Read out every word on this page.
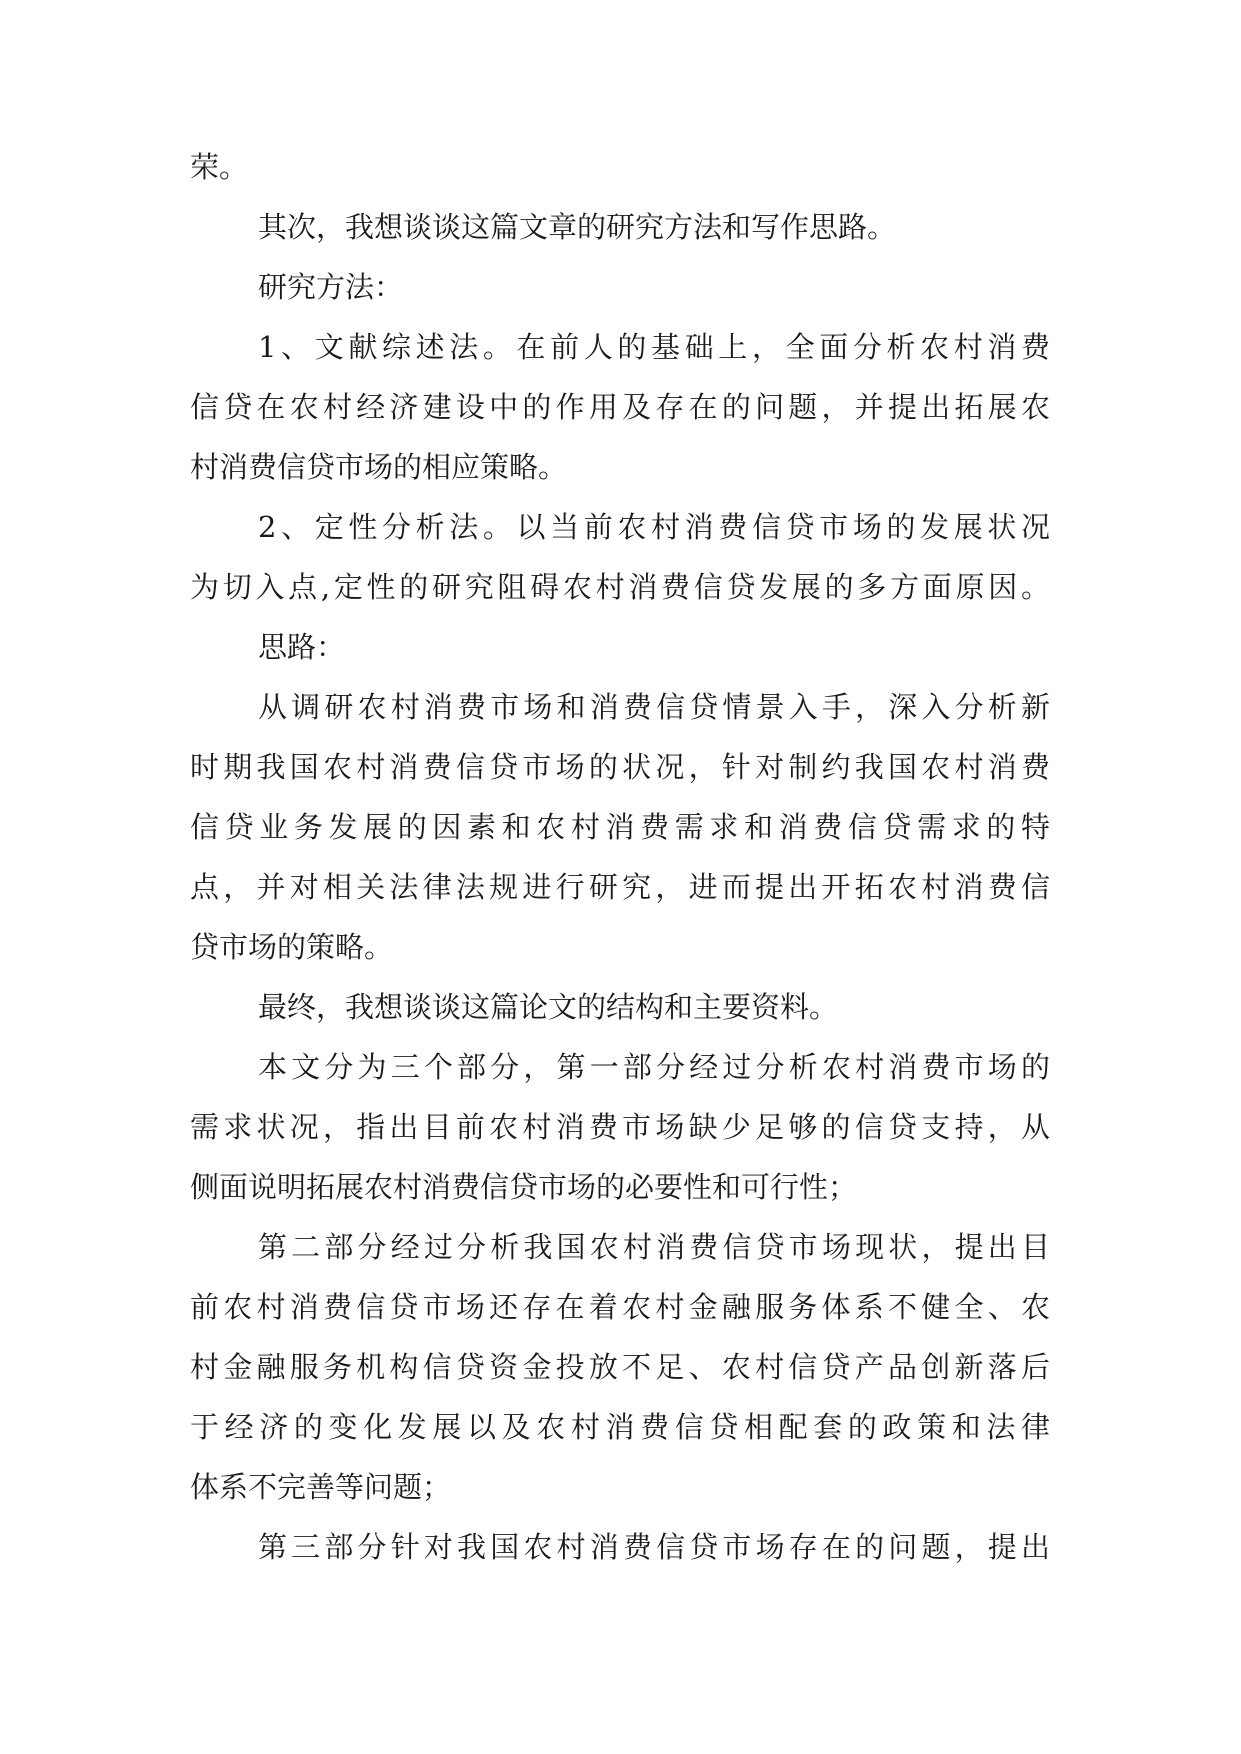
荣。
其次，我想谈谈这篇文章的研究方法和写作思路。
研究方法：
1、文献综述法。在前人的基础上，全面分析农村消费
信贷在农村经济建设中的作用及存在的问题，并提出拓展农
村消费信贷市场的相应策略。
2、定性分析法。以当前农村消费信贷市场的发展状况
为切入点,定性的研究阻碍农村消费信贷发展的多方面原因。
思路：
从调研农村消费市场和消费信贷情景入手，深入分析新
时期我国农村消费信贷市场的状况，针对制约我国农村消费
信贷业务发展的因素和农村消费需求和消费信贷需求的特
点，并对相关法律法规进行研究，进而提出开拓农村消费信
贷市场的策略。
最终，我想谈谈这篇论文的结构和主要资料。
本文分为三个部分，第一部分经过分析农村消费市场的
需求状况，指出目前农村消费市场缺少足够的信贷支持，从
侧面说明拓展农村消费信贷市场的必要性和可行性；
第二部分经过分析我国农村消费信贷市场现状，提出目
前农村消费信贷市场还存在着农村金融服务体系不健全、农
村金融服务机构信贷资金投放不足、农村信贷产品创新落后
于经济的变化发展以及农村消费信贷相配套的政策和法律
体系不完善等问题；
第三部分针对我国农村消费信贷市场存在的问题，提出
